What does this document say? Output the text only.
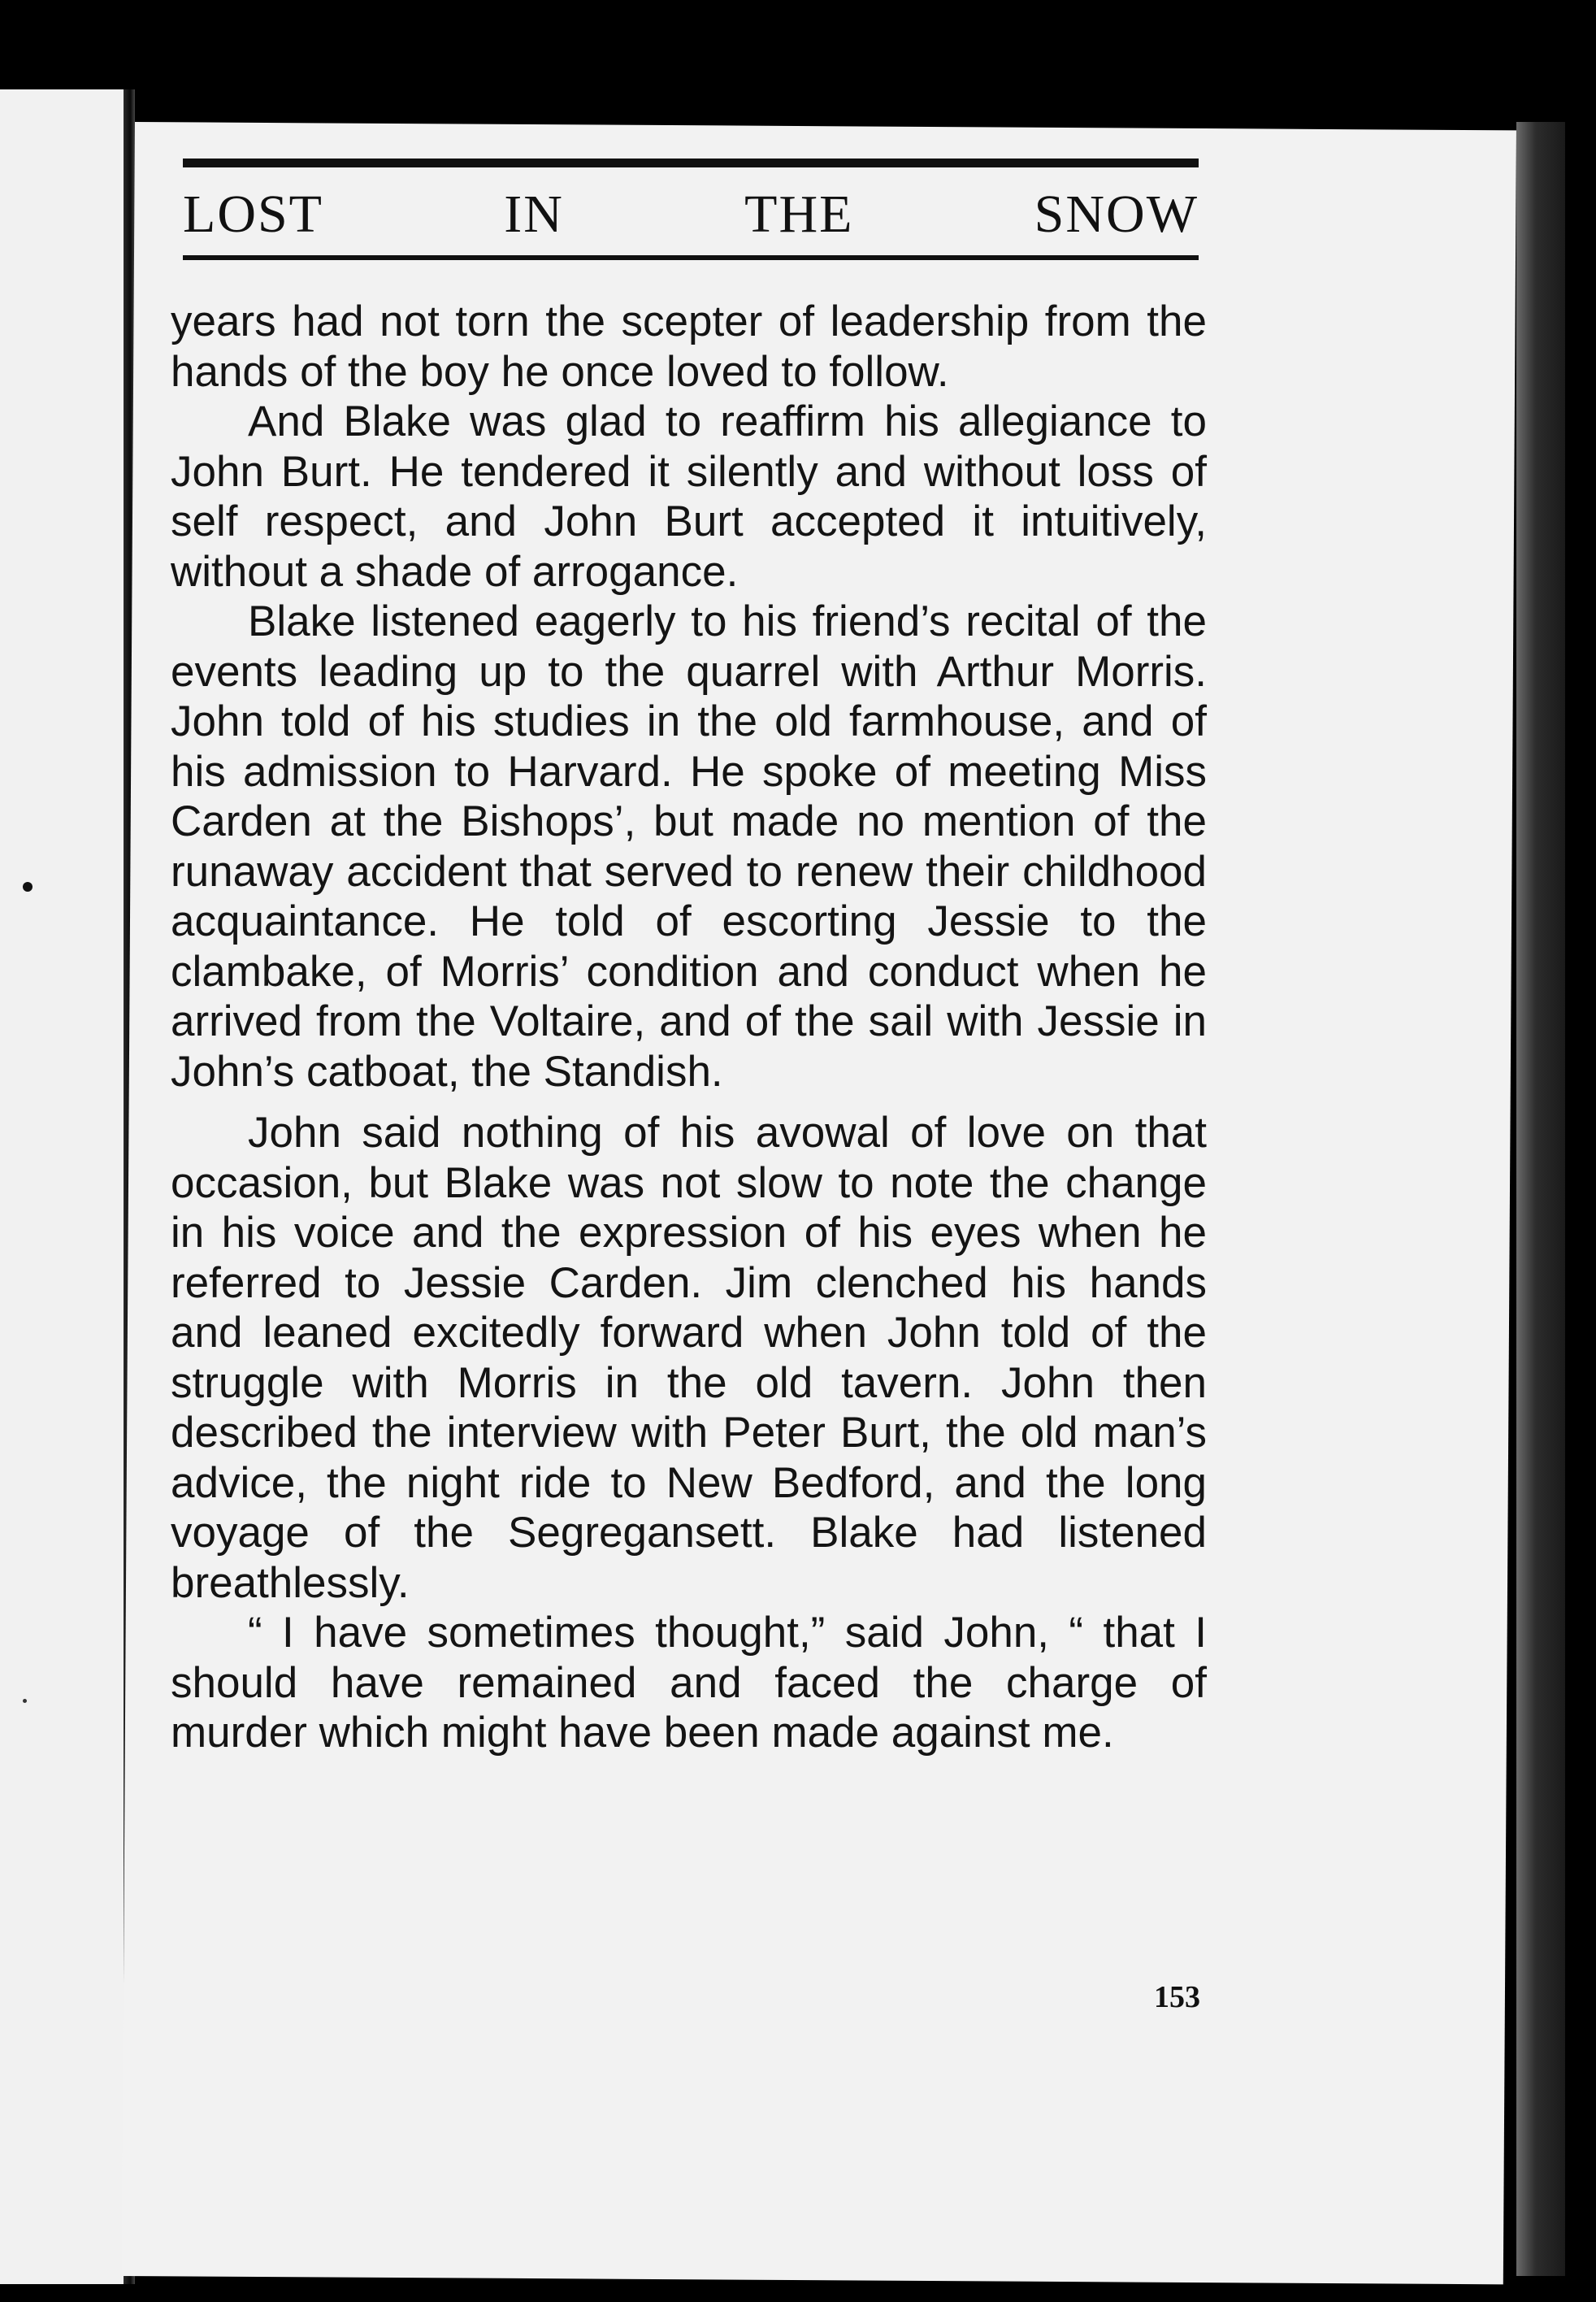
LOST	IN	THE	SNOW

years had not torn the scepter of leadership from the hands of the boy he once loved to follow.

And Blake was glad to reaffirm his allegiance to John Burt. He tendered it silently and without loss of self respect, and John Burt accepted it intuitively, without a shade of arrogance.

Blake listened eagerly to his friend’s recital of the events leading up to the quarrel with Arthur Morris. John told of his studies in the old farmhouse, and of his admission to Harvard. He spoke of meeting Miss Carden at the Bishops’, but made no mention of the runaway accident that served to renew their childhood acquaintance. He told of escorting Jessie to the clambake, of Morris’ condition and conduct when he arrived from the Voltaire, and of the sail with Jessie in John’s catboat, the Standish.

John said nothing of his avowal of love on that occasion, but Blake was not slow to note the change in his voice and the expression of his eyes when he referred to Jessie Carden. Jim clenched his hands and leaned excitedly forward when John told of the struggle with Morris in the old tavern. John then described the interview with Peter Burt, the old man’s advice, the night ride to New Bedford, and the long voyage of the Segregansett. Blake had listened breathlessly.

“ I have sometimes thought,” said John, “ that I should have remained and faced the charge of murder which might have been made against me.

153
